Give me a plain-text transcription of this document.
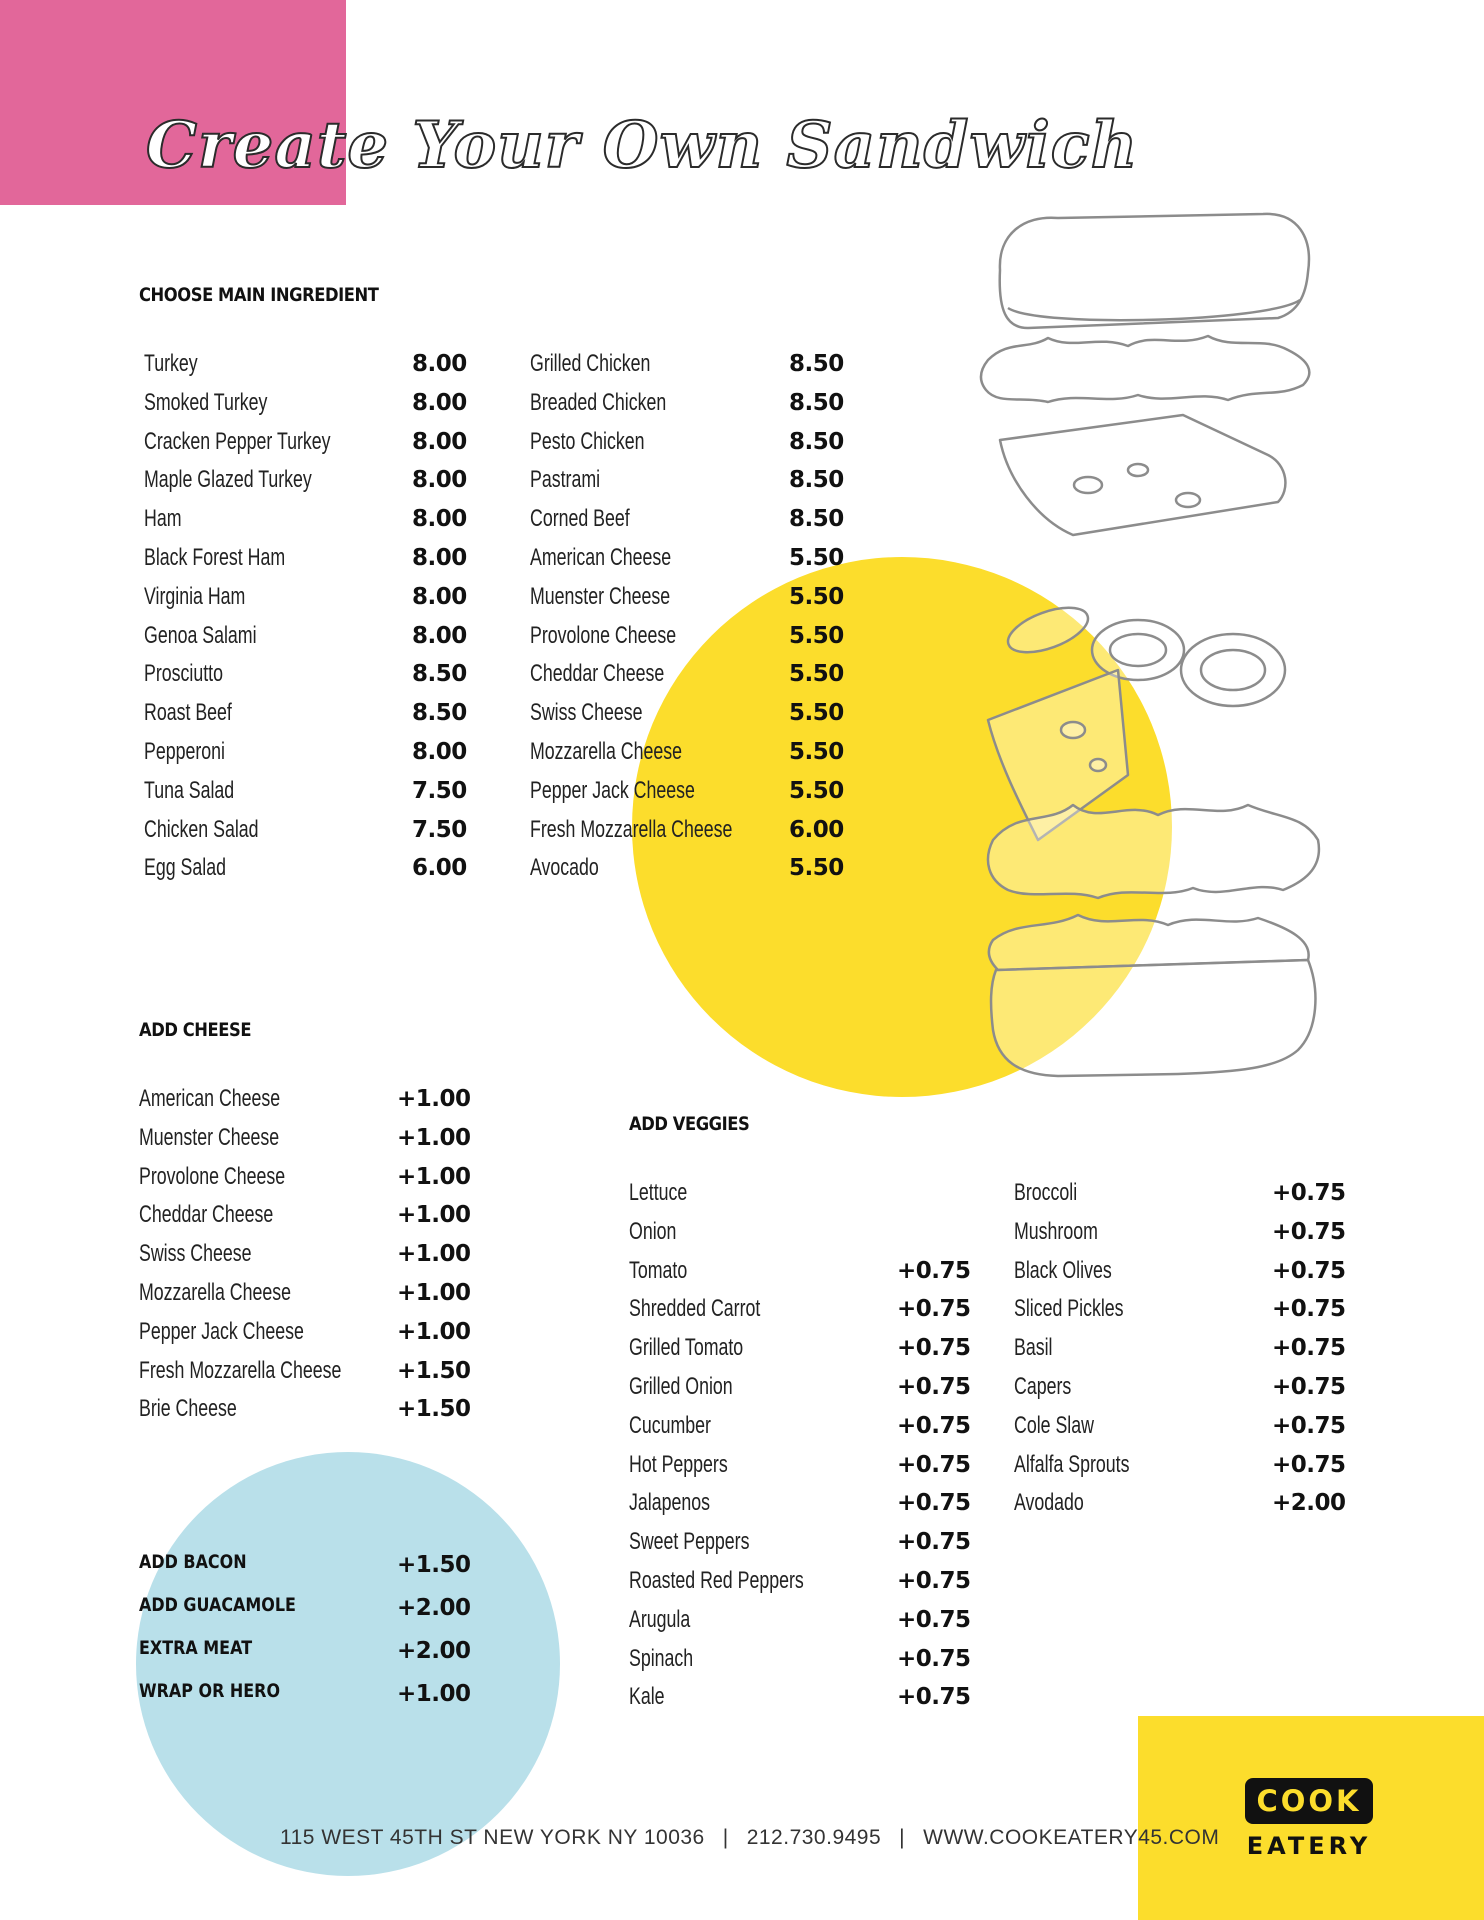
Create Your Own Sandwich
CHOOSE MAIN INGREDIENT
Turkey	8.00
Smoked Turkey	8.00
Cracken Pepper Turkey	8.00
Maple Glazed Turkey	8.00
Ham	8.00
Black Forest Ham	8.00
Virginia Ham	8.00
Genoa Salami	8.00
Prosciutto	8.50
Roast Beef	8.50
Pepperoni	8.00
Tuna Salad	7.50
Chicken Salad	7.50
Egg Salad	6.00
Grilled Chicken	8.50
Breaded Chicken	8.50
Pesto Chicken	8.50
Pastrami	8.50
Corned Beef	8.50
American Cheese	5.50
Muenster Cheese	5.50
Provolone Cheese	5.50
Cheddar Cheese	5.50
Swiss Cheese	5.50
Mozzarella Cheese	5.50
Pepper Jack Cheese	5.50
Fresh Mozzarella Cheese 6.00
Avocado	5.50
ADD CHEESE
American Cheese	+1.00
Muenster Cheese	+1.00
Provolone Cheese	+1.00
Cheddar Cheese	+1.00
Swiss Cheese	+1.00
Mozzarella Cheese	+1.00
Pepper Jack Cheese	+1.00
Fresh Mozzarella Cheese +1.50
Brie Cheese	+1.50
ADD BACON	+1.50
ADD GUACAMOLE	+2.00
EXTRA MEAT	+2.00
WRAP OR HERO	+1.00
ADD VEGGIES
Lettuce
Onion
Tomato	+0.75
Shredded Carrot	+0.75
Grilled Tomato	+0.75
Grilled Onion	+0.75
Cucumber	+0.75
Hot Peppers	+0.75
Jalapenos	+0.75
Sweet Peppers	+0.75
Roasted Red Peppers	+0.75
Arugula	+0.75
Spinach	+0.75
Kale	+0.75
Broccoli	+0.75
Mushroom	+0.75
Black Olives	+0.75
Sliced Pickles	+0.75
Basil	+0.75
Capers	+0.75
Cole Slaw	+0.75
Alfalfa Sprouts	+0.75
Avodado	+2.00

115 WEST 45TH ST NEW YORK NY 10036 | 212.730.9495 | WWW.COOKEATERY45.COM

COOK
EATERY
